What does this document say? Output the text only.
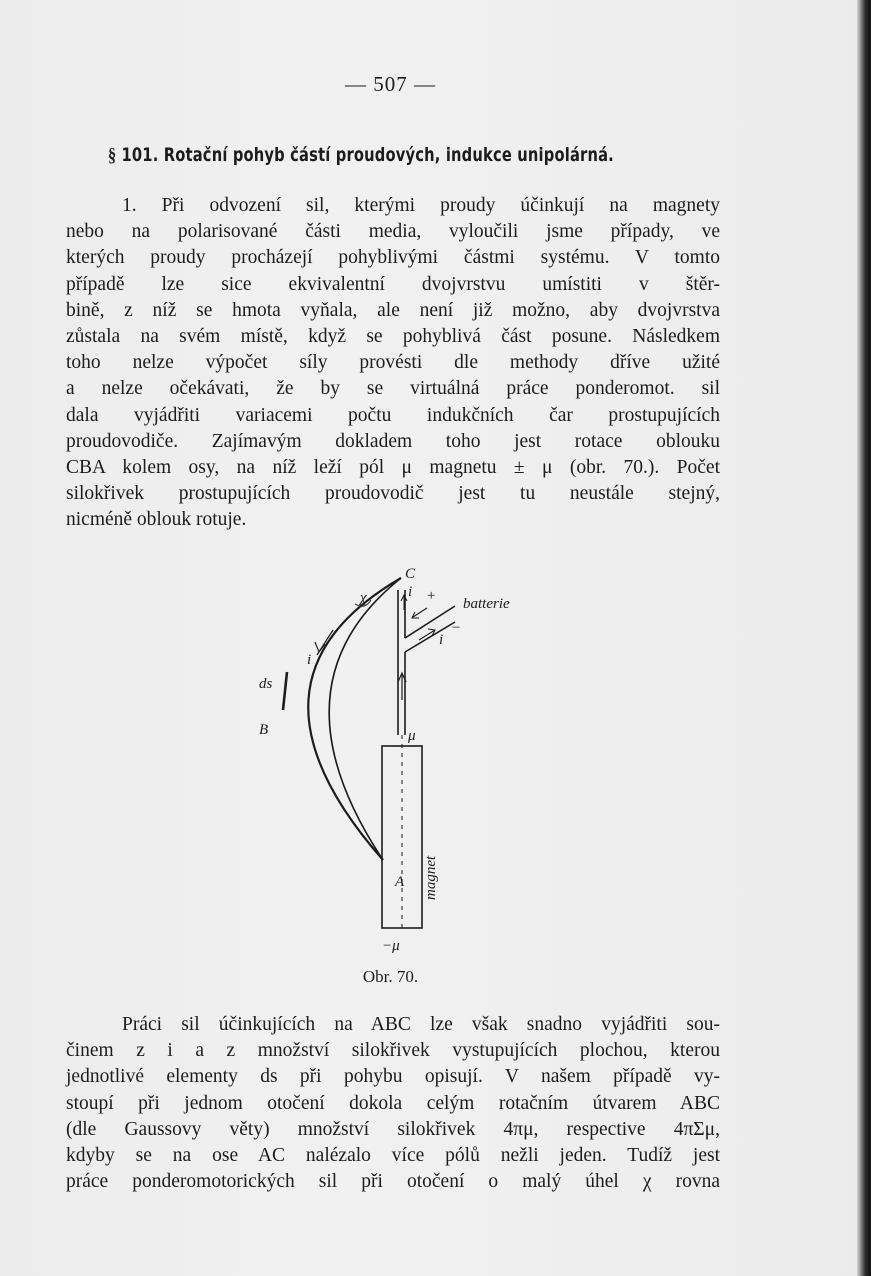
— 507 —
§ 101. Rotační pohyb částí proudových, indukce unipolárná.
1. Při odvození sil, kterými proudy účinkují na magnety
nebo na polarisované části media, vyloučili jsme případy, ve
kterých proudy procházejí pohyblivými částmi systému. V tomto
případě lze sice ekvivalentní dvojvrstvu umístiti v štěr-
bině, z níž se hmota vyňala, ale není již možno, aby dvojvrstva
zůstala na svém místě, když se pohyblivá část posune. Následkem
toho nelze výpočet síly provésti dle methody dříve užité
a nelze očekávati, že by se virtuálná práce ponderomot. sil
dala vyjádřiti variacemi počtu indukčních čar prostupujících
proudovodiče. Zajímavým dokladem toho jest rotace oblouku
CBA kolem osy, na níž leží pól μ magnetu ± μ (obr. 70.). Počet
silokřivek prostupujících proudovodič jest tu neustále stejný,
nicméně oblouk rotuje.
C
B
A
ds
i
i
i
+
−
batterie
μ
−μ
χ
magnet
Obr. 70.
Práci sil účinkujících na ABC lze však snadno vyjádřiti sou-
činem z i a z množství silokřivek vystupujících plochou, kterou
jednotlivé elementy ds při pohybu opisují. V našem případě vy-
stoupí při jednom otočení dokola celým rotačním útvarem ABC
(dle Gaussovy věty) množství silokřivek 4πμ, respective 4πΣμ,
kdyby se na ose AC nalézalo více pólů nežli jeden. Tudíž jest
práce ponderomotorických sil při otočení o malý úhel χ rovna
